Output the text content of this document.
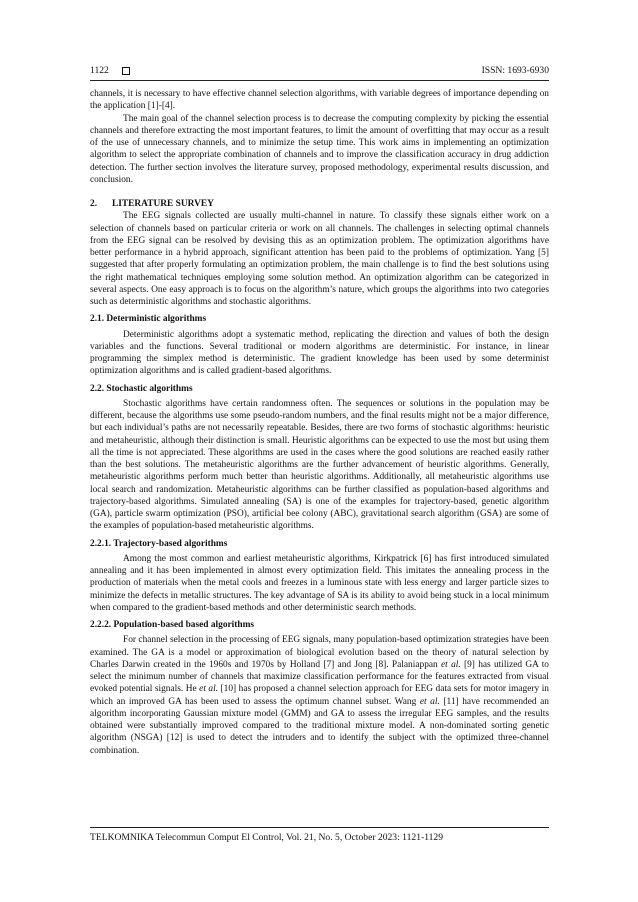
1122	ISSN: 1693-6930

channels, it is necessary to have effective channel selection algorithms, with variable degrees of importance depending on the application [1]-[4].

The main goal of the channel selection process is to decrease the computing complexity by picking the essential channels and therefore extracting the most important features, to limit the amount of overfitting that may occur as a result of the use of unnecessary channels, and to minimize the setup time. This work aims in implementing an optimization algorithm to select the appropriate combination of channels and to improve the classification accuracy in drug addiction detection. The further section involves the literature survey, proposed methodology, experimental results discussion, and conclusion.

2. LITERATURE SURVEY

The EEG signals collected are usually multi-channel in nature. To classify these signals either work on a selection of channels based on particular criteria or work on all channels. The challenges in selecting optimal channels from the EEG signal can be resolved by devising this as an optimization problem. The optimization algorithms have better performance in a hybrid approach, significant attention has been paid to the problems of optimization. Yang [5] suggested that after properly formulating an optimization problem, the main challenge is to find the best solutions using the right mathematical techniques employing some solution method. An optimization algorithm can be categorized in several aspects. One easy approach is to focus on the algorithm’s nature, which groups the algorithms into two categories such as deterministic algorithms and stochastic algorithms.

2.1. Deterministic algorithms

Deterministic algorithms adopt a systematic method, replicating the direction and values of both the design variables and the functions. Several traditional or modern algorithms are deterministic. For instance, in linear programming the simplex method is deterministic. The gradient knowledge has been used by some determinist optimization algorithms and is called gradient-based algorithms.

2.2. Stochastic algorithms

Stochastic algorithms have certain randomness often. The sequences or solutions in the population may be different, because the algorithms use some pseudo-random numbers, and the final results might not be a major difference, but each individual’s paths are not necessarily repeatable. Besides, there are two forms of stochastic algorithms: heuristic and metaheuristic, although their distinction is small. Heuristic algorithms can be expected to use the most but using them all the time is not appreciated. These algorithms are used in the cases where the good solutions are reached easily rather than the best solutions. The metaheuristic algorithms are the further advancement of heuristic algorithms. Generally, metaheuristic algorithms perform much better than heuristic algorithms. Additionally, all metaheuristic algorithms use local search and randomization. Metaheuristic algorithms can be further classified as population-based algorithms and trajectory-based algorithms. Simulated annealing (SA) is one of the examples for trajectory-based, genetic algorithm (GA), particle swarm optimization (PSO), artificial bee colony (ABC), gravitational search algorithm (GSA) are some of the examples of population-based metaheuristic algorithms.

2.2.1. Trajectory-based algorithms

Among the most common and earliest metaheuristic algorithms, Kirkpatrick [6] has first introduced simulated annealing and it has been implemented in almost every optimization field. This imitates the annealing process in the production of materials when the metal cools and freezes in a luminous state with less energy and larger particle sizes to minimize the defects in metallic structures. The key advantage of SA is its ability to avoid being stuck in a local minimum when compared to the gradient-based methods and other deterministic search methods.

2.2.2. Population-based based algorithms

For channel selection in the processing of EEG signals, many population-based optimization strategies have been examined. The GA is a model or approximation of biological evolution based on the theory of natural selection by Charles Darwin created in the 1960s and 1970s by Holland [7] and Jong [8]. Palaniappan et al. [9] has utilized GA to select the minimum number of channels that maximize classification performance for the features extracted from visual evoked potential signals. He et al. [10] has proposed a channel selection approach for EEG data sets for motor imagery in which an improved GA has been used to assess the optimum channel subset. Wang et al. [11] have recommended an algorithm incorporating Gaussian mixture model (GMM) and GA to assess the irregular EEG samples, and the results obtained were substantially improved compared to the traditional mixture model. A non-dominated sorting genetic algorithm (NSGA) [12] is used to detect the intruders and to identify the subject with the optimized three-channel combination.

TELKOMNIKA Telecommun Comput El Control, Vol. 21, No. 5, October 2023: 1121-1129
